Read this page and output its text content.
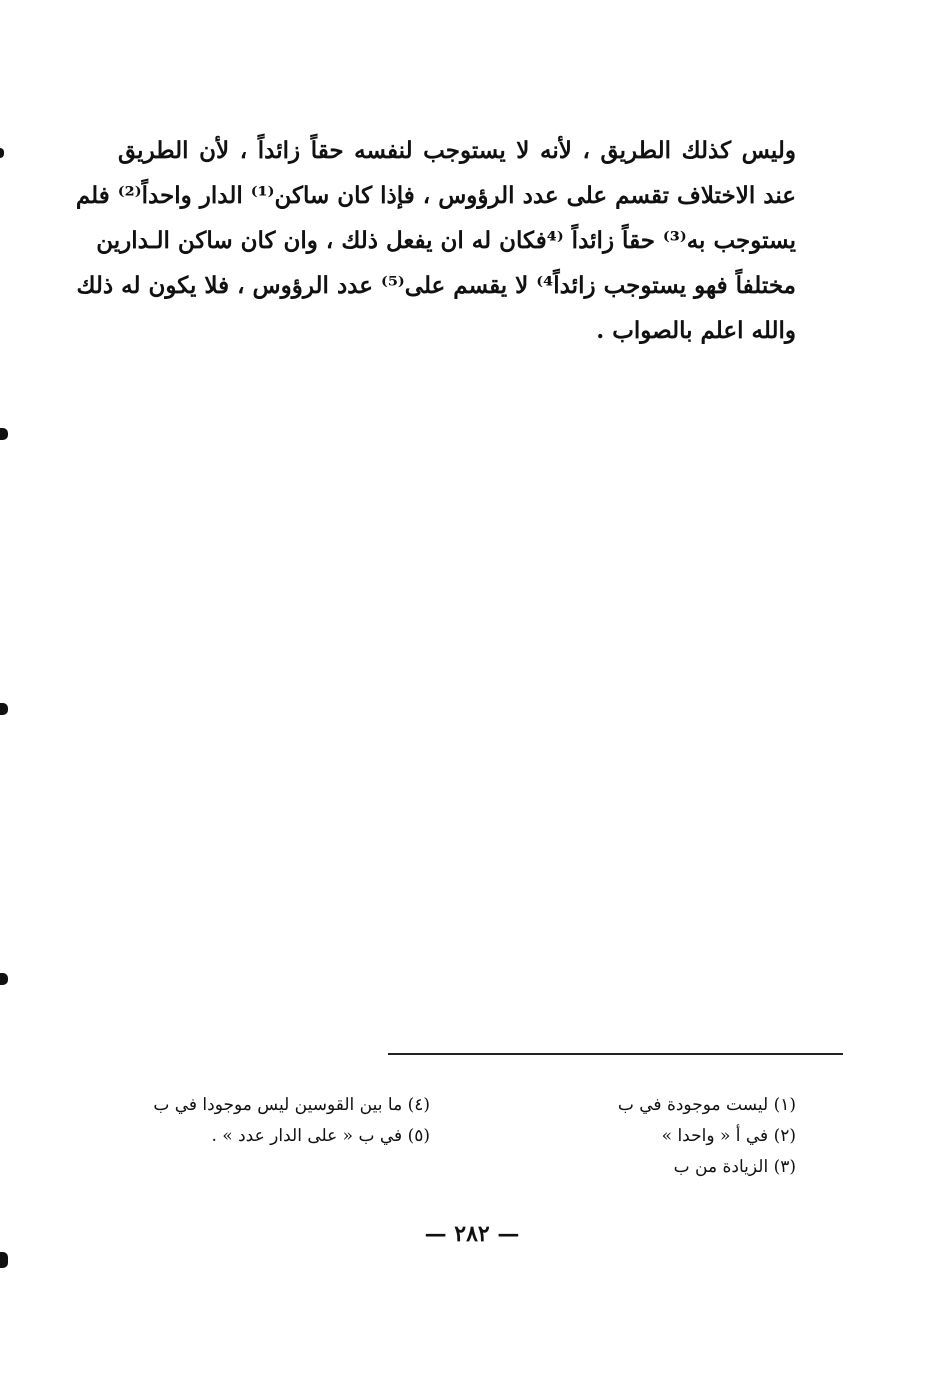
وليس كذلك الطريق ، لأنه لا يستوجب لنفسه حقاً زائداً ، لأن الطريق
عند الاختلاف تقسم على عدد الرؤوس ، فإذا كان ساكن⁽¹⁾ الدار واحداً⁽²⁾ فلم
يستوجب به⁽³⁾ حقاً زائداً ⁽⁴فكان له ان يفعل ذلك ، وان كان ساكن الـدارين
مختلفاً فهو يستوجب زائداً⁴⁾ لا يقسم على⁽⁵⁾ عدد الرؤوس ، فلا يكون له ذلك
والله اعلم بالصواب .
(١) ليست موجودة في ب
(٢) في أ « واحدا »
(٣) الزيادة من ب
(٤) ما بين القوسين ليس موجودا في ب
(٥) في ب « على الدار عدد » .
— ٢٨٢ —
